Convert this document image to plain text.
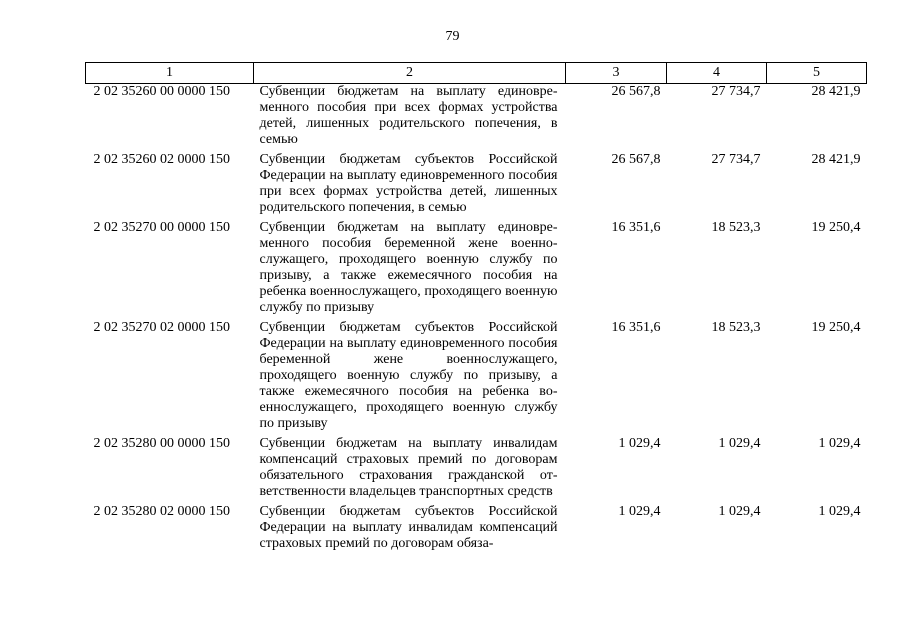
79
1	2	3	4	5
2 02 35260 00 0000 150	Субвенции бюджетам на выплату единовременного пособия при всех формах устройства детей, лишенных родительского попечения, в семью	26 567,8	27 734,7	28 421,9
2 02 35260 02 0000 150	Субвенции бюджетам субъектов Российской Федерации на выплату единовременного пособия при всех формах устройства детей, лишенных родительского попечения, в семью	26 567,8	27 734,7	28 421,9
2 02 35270 00 0000 150	Субвенции бюджетам на выплату единовременного пособия беременной жене военнослужащего, проходящего военную службу по призыву, а также ежемесячного пособия на ребенка военнослужащего, проходящего военную службу по призыву	16 351,6	18 523,3	19 250,4
2 02 35270 02 0000 150	Субвенции бюджетам субъектов Российской Федерации на выплату единовременного пособия беременной жене военнослужащего, проходящего военную службу по призыву, а также ежемесячного пособия на ребенка военнослужащего, проходящего военную службу по призыву	16 351,6	18 523,3	19 250,4
2 02 35280 00 0000 150	Субвенции бюджетам на выплату инвалидам компенсаций страховых премий по договорам обязательного страхования гражданской ответственности владельцев транспортных средств	1 029,4	1 029,4	1 029,4
2 02 35280 02 0000 150	Субвенции бюджетам субъектов Российской Федерации на выплату инвалидам компенсаций страховых премий по договорам обяза-	1 029,4	1 029,4	1 029,4
